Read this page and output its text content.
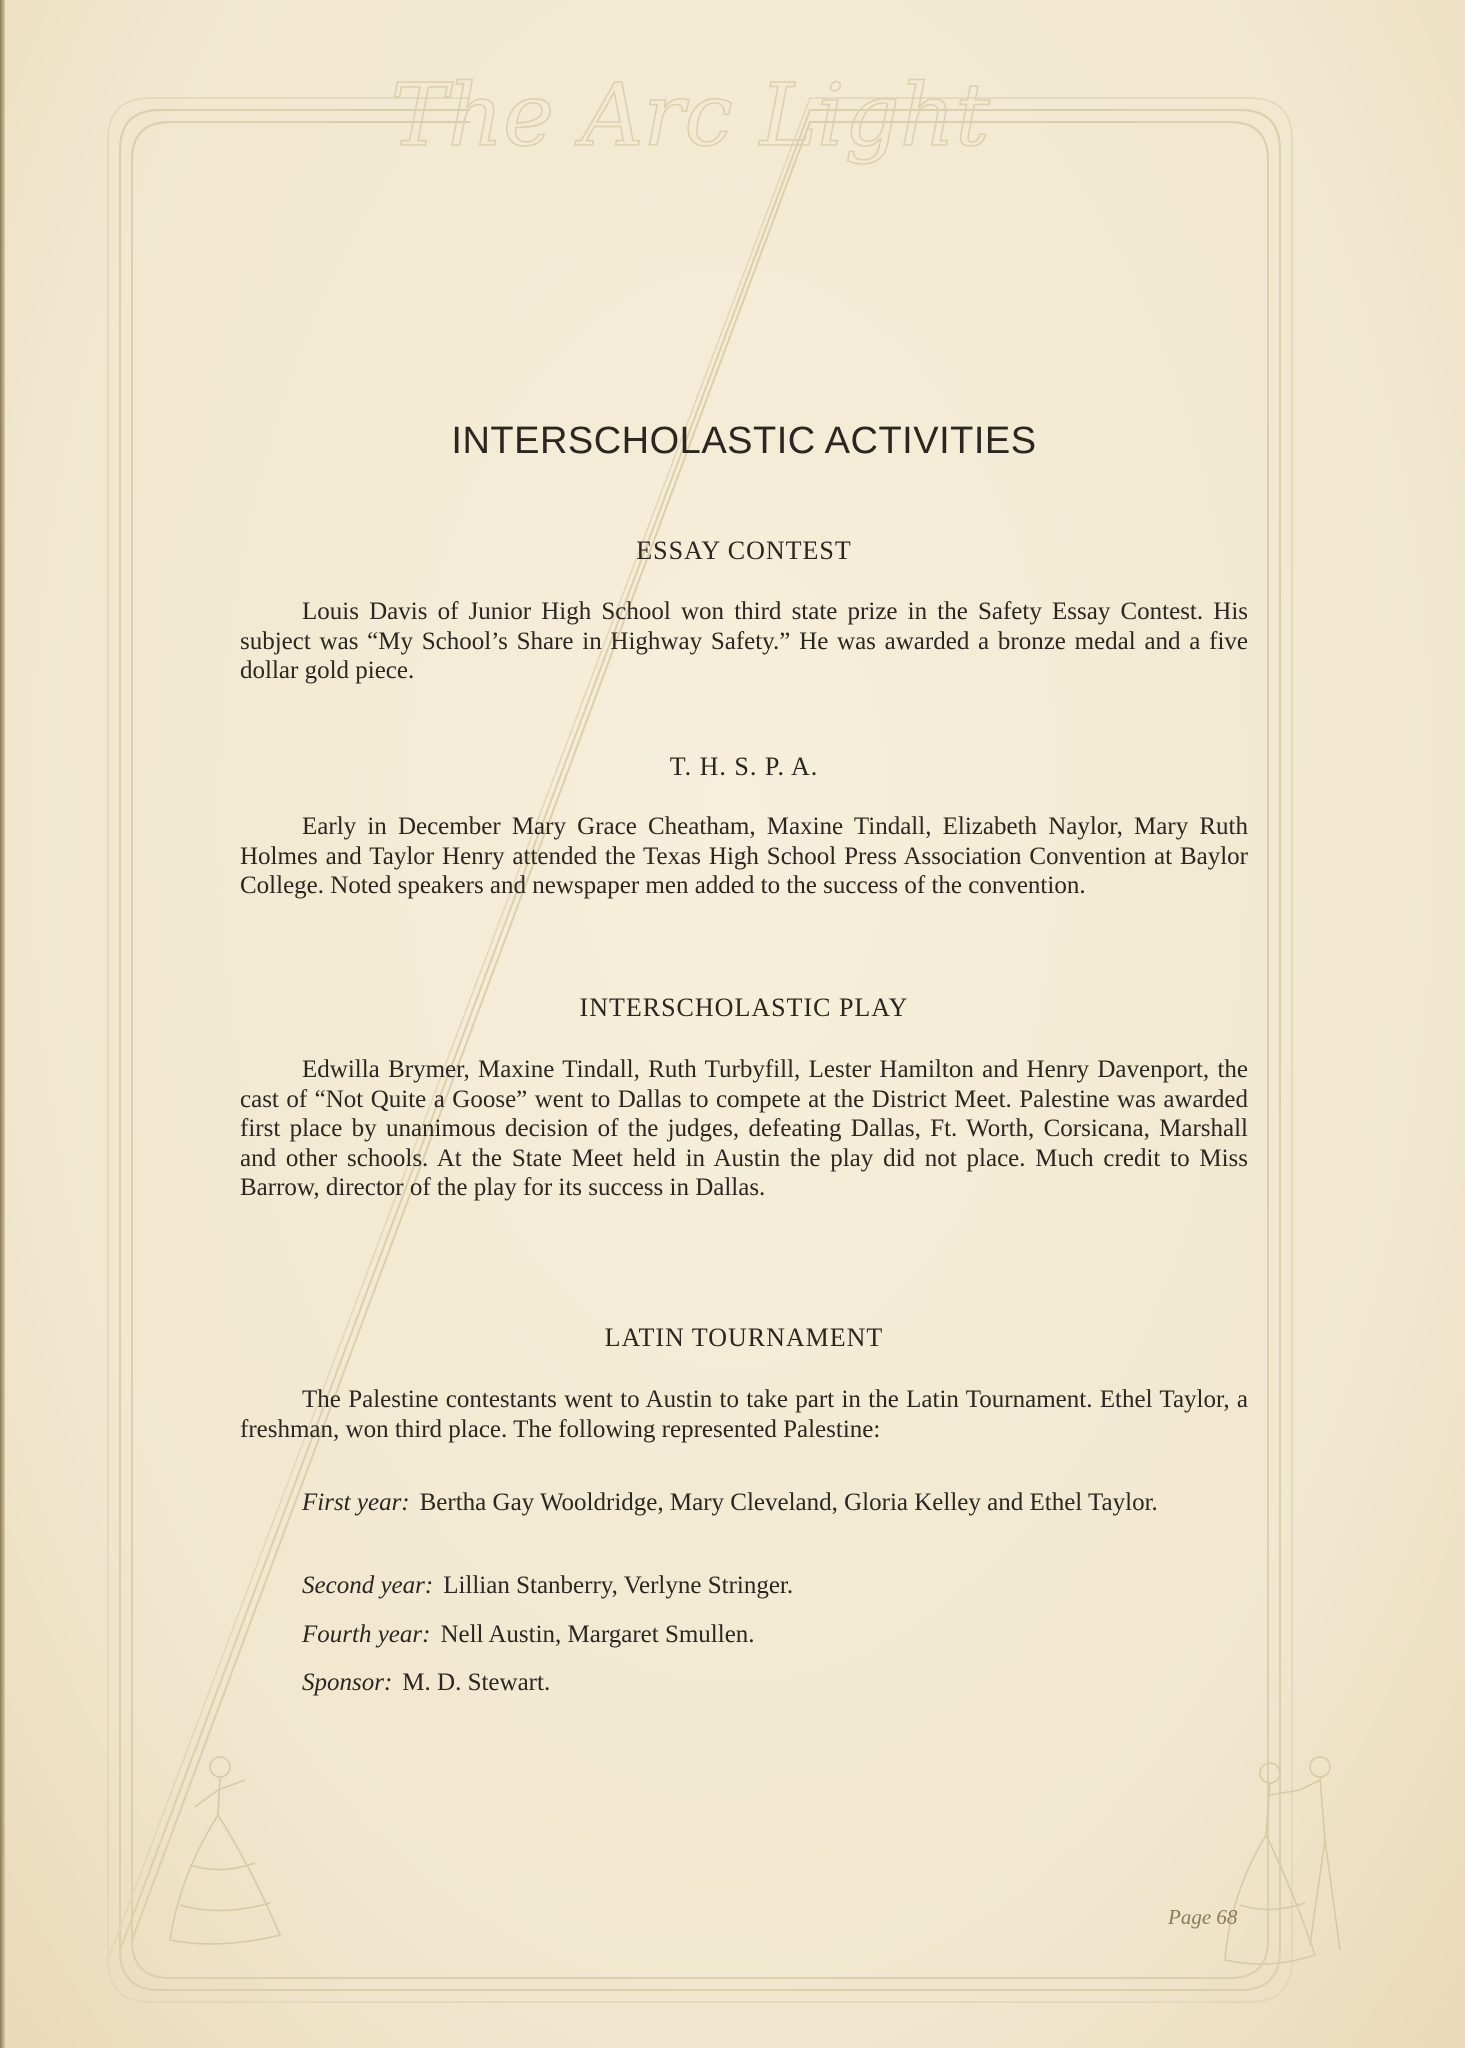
The Arc Light
INTERSCHOLASTIC ACTIVITIES
ESSAY CONTEST

Louis Davis of Junior High School won third state prize in the Safety Essay Contest. His subject was “My School’s Share in Highway Safety.” He was awarded a bronze medal and a five dollar gold piece.

T. H. S. P. A.

Early in December Mary Grace Cheatham, Maxine Tindall, Elizabeth Naylor, Mary Ruth Holmes and Taylor Henry attended the Texas High School Press Association Convention at Baylor College. Noted speakers and newspaper men added to the success of the convention.

INTERSCHOLASTIC PLAY

Edwilla Brymer, Maxine Tindall, Ruth Turbyfill, Lester Hamilton and Henry Davenport, the cast of “Not Quite a Goose” went to Dallas to compete at the District Meet. Palestine was awarded first place by unanimous decision of the judges, defeating Dallas, Ft. Worth, Corsicana, Marshall and other schools. At the State Meet held in Austin the play did not place. Much credit to Miss Barrow, director of the play for its success in Dallas.

LATIN TOURNAMENT

The Palestine contestants went to Austin to take part in the Latin Tournament. Ethel Taylor, a freshman, won third place. The following represented Palestine:

First year: Bertha Gay Wooldridge, Mary Cleveland, Gloria Kelley and Ethel Taylor.

Second year: Lillian Stanberry, Verlyne Stringer.

Fourth year: Nell Austin, Margaret Smullen.

Sponsor: M. D. Stewart.

Page 68
